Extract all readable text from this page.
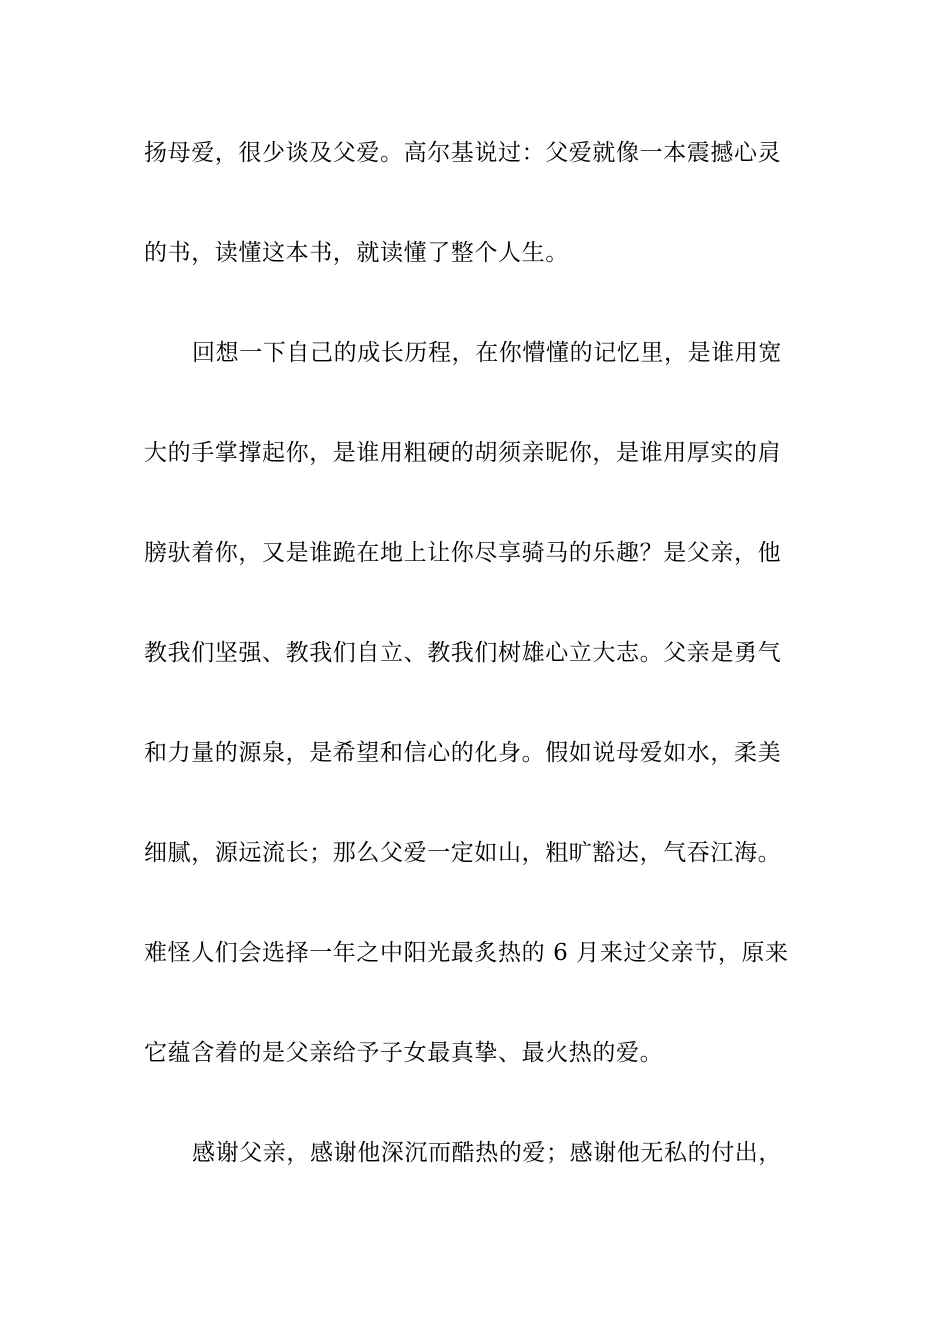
扬母爱，很少谈及父爱。高尔基说过：父爱就像一本震撼心灵
的书，读懂这本书，就读懂了整个人生。
回想一下自己的成长历程，在你懵懂的记忆里，是谁用宽
大的手掌撑起你，是谁用粗硬的胡须亲昵你，是谁用厚实的肩
膀驮着你，又是谁跪在地上让你尽享骑马的乐趣？是父亲，他
教我们坚强、教我们自立、教我们树雄心立大志。父亲是勇气
和力量的源泉，是希望和信心的化身。假如说母爱如水，柔美
细腻，源远流长；那么父爱一定如山，粗旷豁达，气吞江海。
难怪人们会选择一年之中阳光最炙热的 6 月来过父亲节，原来
它蕴含着的是父亲给予子女最真挚、最火热的爱。
感谢父亲，感谢他深沉而酷热的爱；感谢他无私的付出，
